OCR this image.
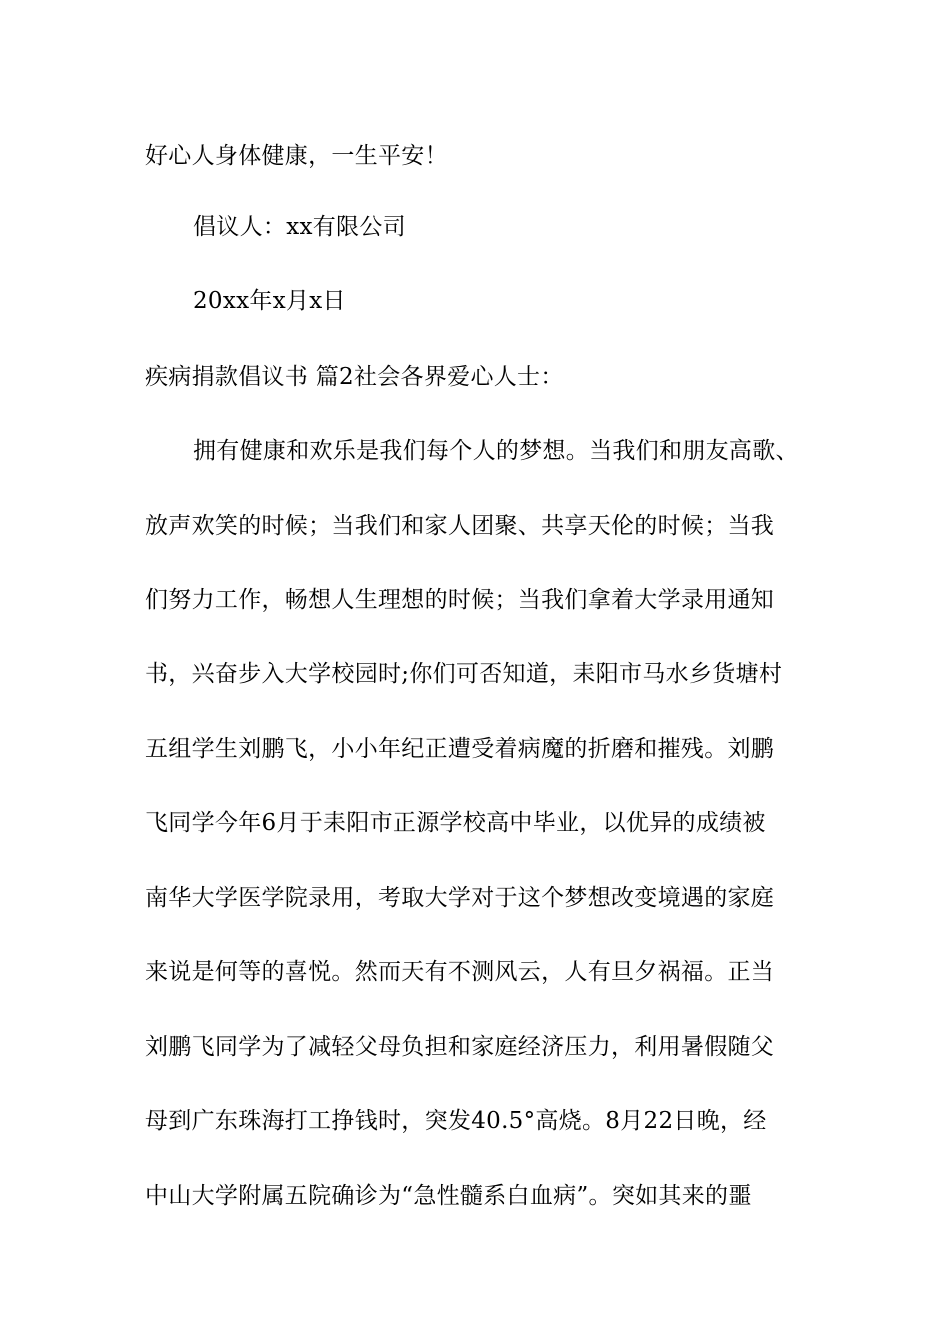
好心人身体健康，一生平安！
倡议人：xx有限公司
20xx年x月x日
疾病捐款倡议书 篇2社会各界爱心人士：
拥有健康和欢乐是我们每个人的梦想。当我们和朋友高歌、
放声欢笑的时候；当我们和家人团聚、共享天伦的时候；当我
们努力工作，畅想人生理想的时候；当我们拿着大学录用通知
书，兴奋步入大学校园时;你们可否知道，耒阳市马水乡货塘村
五组学生刘鹏飞，小小年纪正遭受着病魔的折磨和摧残。刘鹏
飞同学今年6月于耒阳市正源学校高中毕业，以优异的成绩被
南华大学医学院录用，考取大学对于这个梦想改变境遇的家庭
来说是何等的喜悦。然而天有不测风云，人有旦夕祸福。正当
刘鹏飞同学为了减轻父母负担和家庭经济压力，利用暑假随父
母到广东珠海打工挣钱时，突发40.5°高烧。8月22日晚，经
中山大学附属五院确诊为“急性髓系白血病”。突如其来的噩
